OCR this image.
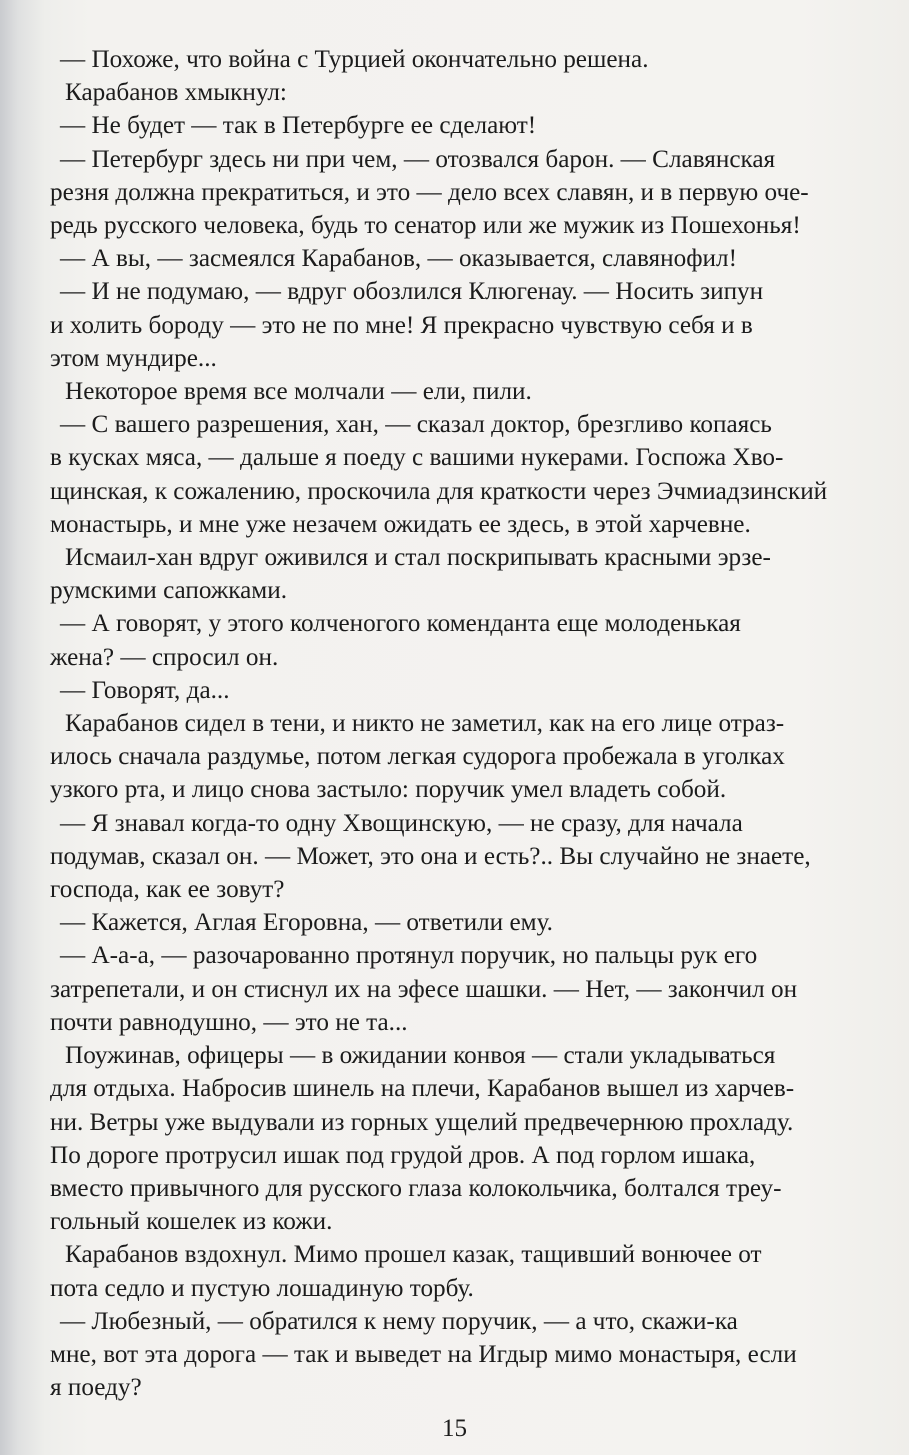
— Похоже, что война с Турцией окончательно решена.
Карабанов хмыкнул:
— Не будет — так в Петербурге ее сделают!
— Петербург здесь ни при чем, — отозвался барон. — Славянская
резня должна прекратиться, и это — дело всех славян, и в первую оче-
редь русского человека, будь то сенатор или же мужик из Пошехонья!
— А вы, — засмеялся Карабанов, — оказывается, славянофил!
— И не подумаю, — вдруг обозлился Клюгенау. — Носить зипун
и холить бороду — это не по мне! Я прекрасно чувствую себя и в
этом мундире...
Некоторое время все молчали — ели, пили.
— С вашего разрешения, хан, — сказал доктор, брезгливо копаясь
в кусках мяса, — дальше я поеду с вашими нукерами. Госпожа Хво-
щинская, к сожалению, проскочила для краткости через Эчмиадзинский
монастырь, и мне уже незачем ожидать ее здесь, в этой харчевне.
Исмаил-хан вдруг оживился и стал поскрипывать красными эрзе-
румскими сапожками.
— А говорят, у этого колченогого коменданта еще молоденькая
жена? — спросил он.
— Говорят, да...
Карабанов сидел в тени, и никто не заметил, как на его лице отраз-
илось сначала раздумье, потом легкая судорога пробежала в уголках
узкого рта, и лицо снова застыло: поручик умел владеть собой.
— Я знавал когда-то одну Хвощинскую, — не сразу, для начала
подумав, сказал он. — Может, это она и есть?.. Вы случайно не знаете,
господа, как ее зовут?
— Кажется, Аглая Егоровна, — ответили ему.
— А-а-а, — разочарованно протянул поручик, но пальцы рук его
затрепетали, и он стиснул их на эфесе шашки. — Нет, — закончил он
почти равнодушно, — это не та...
Поужинав, офицеры — в ожидании конвоя — стали укладываться
для отдыха. Набросив шинель на плечи, Карабанов вышел из харчев-
ни. Ветры уже выдували из горных ущелий предвечернюю прохладу.
По дороге протрусил ишак под грудой дров. А под горлом ишака,
вместо привычного для русского глаза колокольчика, болтался треу-
гольный кошелек из кожи.
Карабанов вздохнул. Мимо прошел казак, тащивший вонючее от
пота седло и пустую лошадиную торбу.
— Любезный, — обратился к нему поручик, — а что, скажи-ка
мне, вот эта дорога — так и выведет на Игдыр мимо монастыря, если
я поеду?
15
